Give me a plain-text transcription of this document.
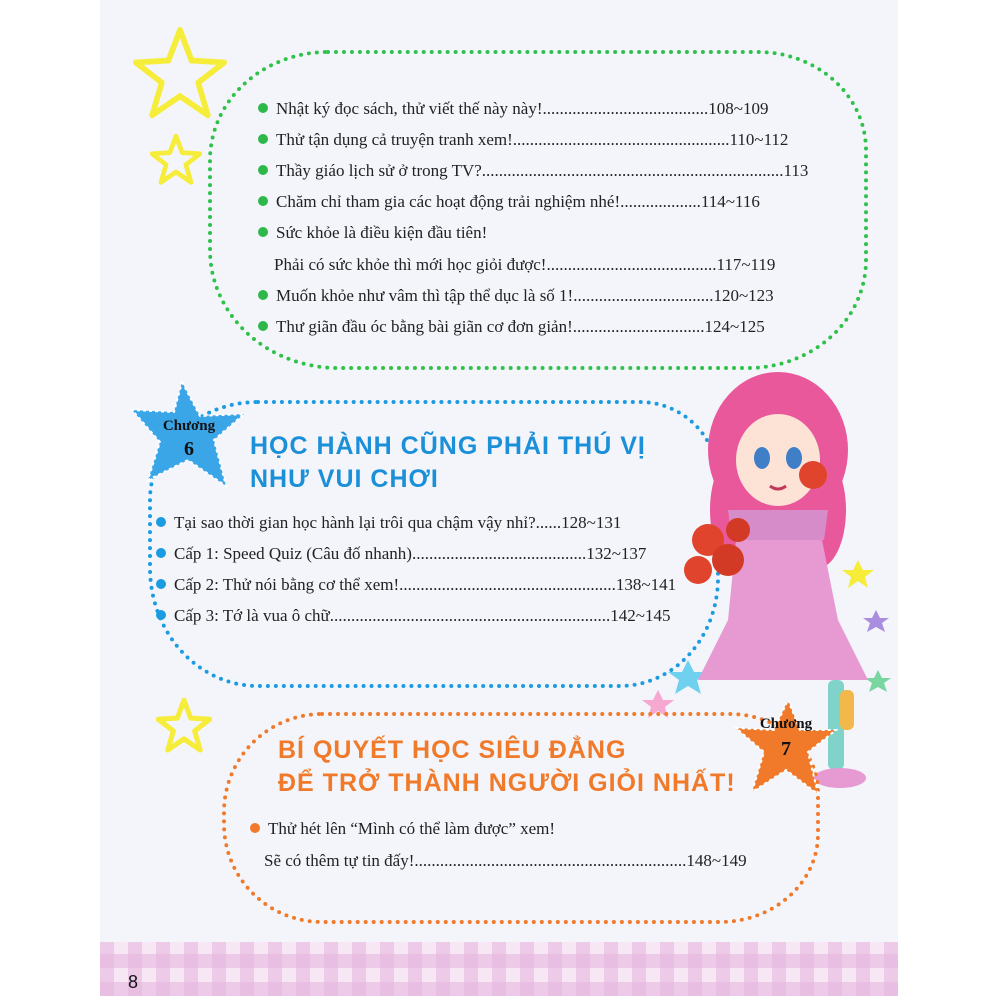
8
Nhật ký đọc sách, thử viết thế này này!.......................................108~109
Thử tận dụng cả truyện tranh xem!...................................................110~112
Thầy giáo lịch sử ở trong TV?.......................................................................113
Chăm chỉ tham gia các hoạt động trải nghiệm nhé!...................114~116
Sức khỏe là điều kiện đầu tiên!
Phải có sức khỏe thì mới học giỏi được!........................................117~119
Muốn khỏe như vâm thì tập thể dục là số 1!.................................120~123
Thư giãn đầu óc bằng bài giãn cơ đơn giản!...............................124~125
Chương
6	HỌC HÀNH CŨNG PHẢI THÚ VỊ
NHƯ VUI CHƠI
Tại sao thời gian học hành lại trôi qua chậm vậy nhỉ?......128~131
Cấp 1: Speed Quiz (Câu đố nhanh).........................................132~137
Cấp 2: Thử nói bằng cơ thể xem!...................................................138~141
Cấp 3: Tớ là vua ô chữ..................................................................142~145
Chương
7
BÍ QUYẾT HỌC SIÊU ĐẲNG
ĐỂ TRỞ THÀNH NGƯỜI GIỎI NHẤT!
Thử hét lên “Mình có thể làm được” xem!
Sẽ có thêm tự tin đấy!................................................................148~149
